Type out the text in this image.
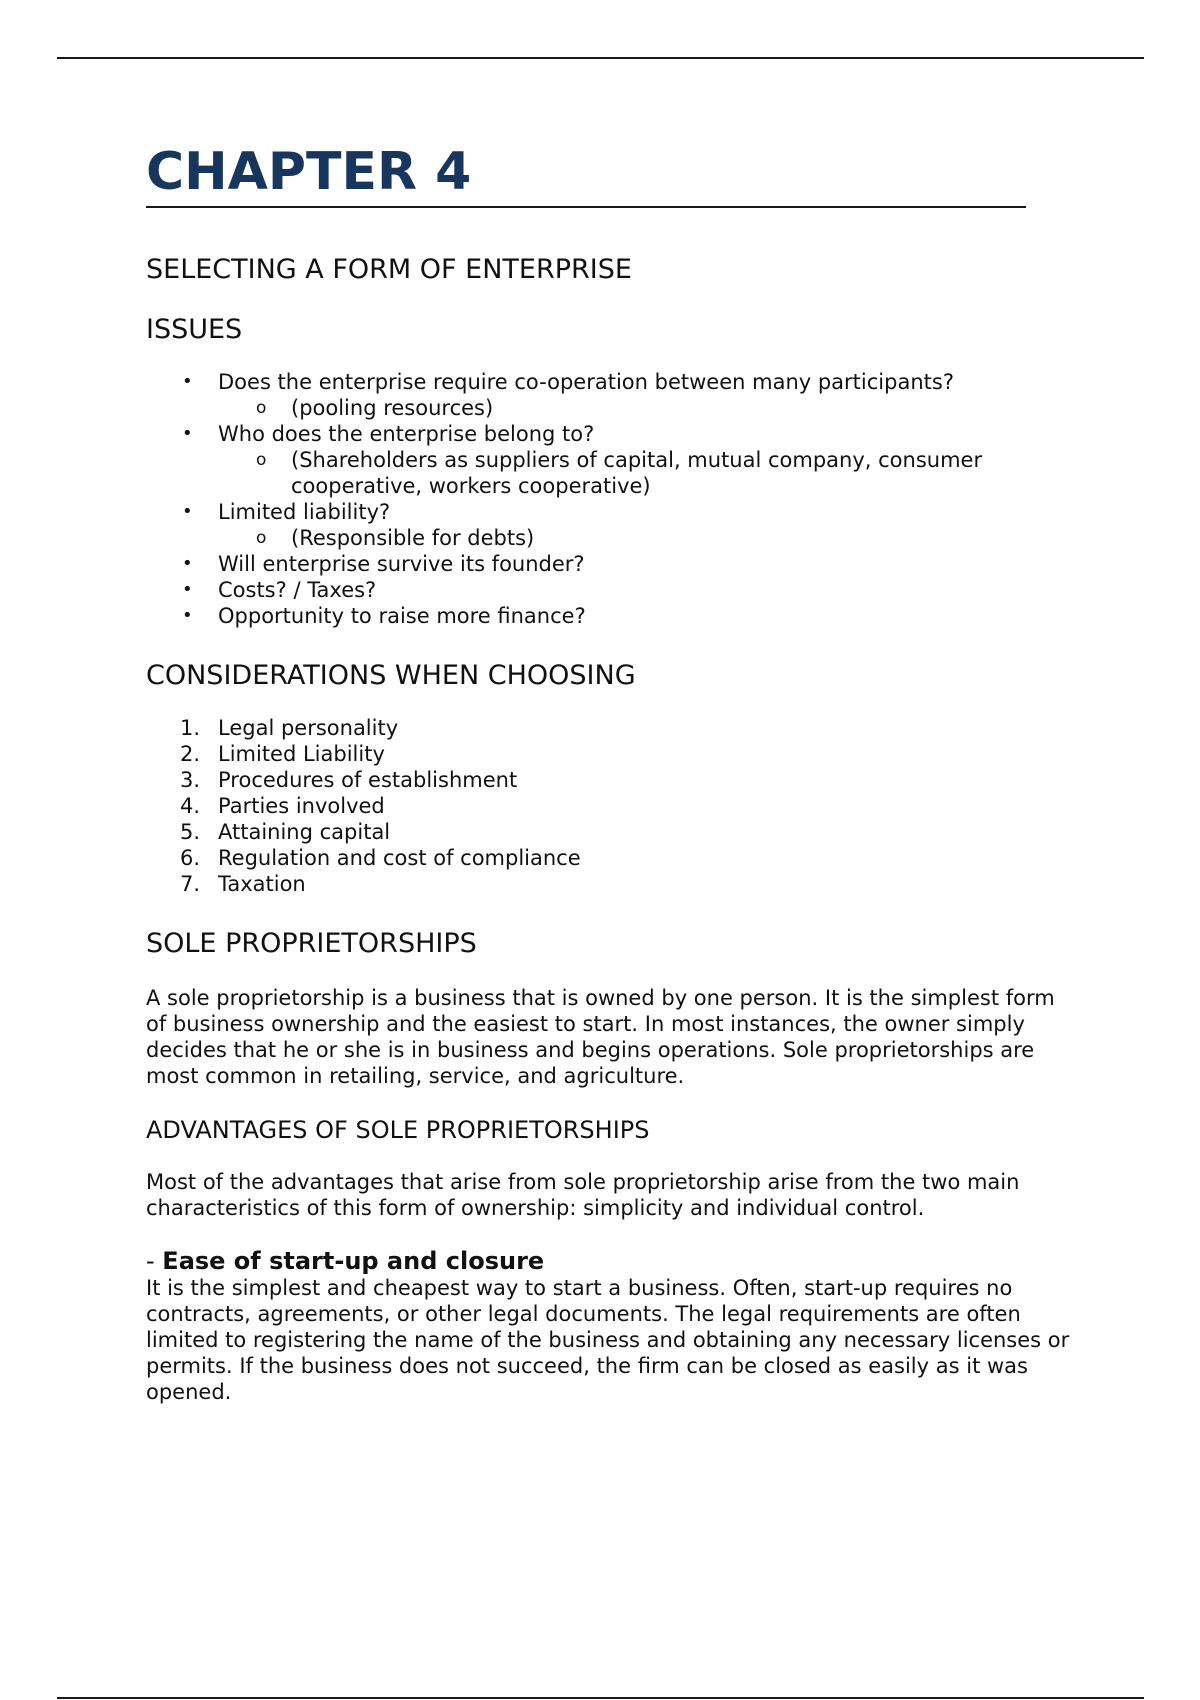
CHAPTER 4
SELECTING A FORM OF ENTERPRISE
ISSUES
• Does the enterprise require co-operation between many participants?
o (pooling resources)
• Who does the enterprise belong to?
o (Shareholders as suppliers of capital, mutual company, consumer cooperative, workers cooperative)
• Limited liability?
o (Responsible for debts)
• Will enterprise survive its founder?
• Costs? / Taxes?
• Opportunity to raise more finance?
CONSIDERATIONS WHEN CHOOSING
1. Legal personality
2. Limited Liability
3. Procedures of establishment
4. Parties involved
5. Attaining capital
6. Regulation and cost of compliance
7. Taxation
SOLE PROPRIETORSHIPS

A sole proprietorship is a business that is owned by one person. It is the simplest form of business ownership and the easiest to start. In most instances, the owner simply decides that he or she is in business and begins operations. Sole proprietorships are most common in retailing, service, and agriculture.

ADVANTAGES OF SOLE PROPRIETORSHIPS

Most of the advantages that arise from sole proprietorship arise from the two main characteristics of this form of ownership: simplicity and individual control.

- Ease of start-up and closure

It is the simplest and cheapest way to start a business. Often, start-up requires no contracts, agreements, or other legal documents. The legal requirements are often limited to registering the name of the business and obtaining any necessary licenses or permits. If the business does not succeed, the firm can be closed as easily as it was opened.
